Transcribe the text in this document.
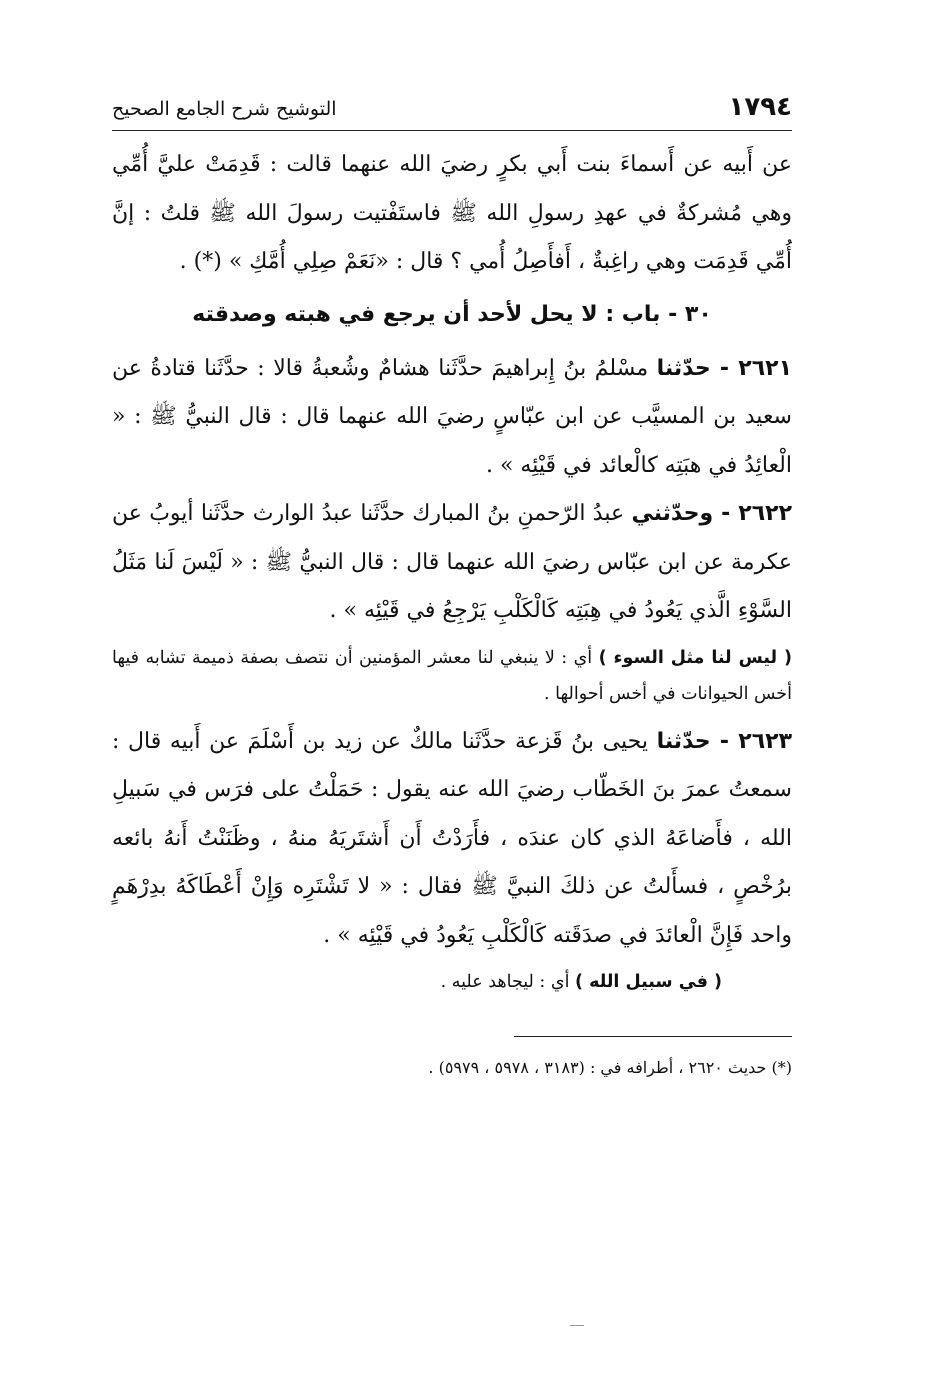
١٧٩٤
التوشيح شرح الجامع الصحيح

عن أَبيه عن أَسماءَ بنت أَبي بكرٍ رضيَ الله عنهما قالت : قَدِمَتْ عليَّ أُمِّي وهي مُشركةٌ في عهدِ رسولِ الله ﷺ فاستَفْتيت رسولَ الله ﷺ قلتُ : إنَّ أُمِّي قَدِمَت وهي راغِبةٌ ، أَفأَصِلُ أُمي ؟ قال : «نَعَمْ صِلِي أُمَّكِ » (*) .

٣٠ - باب : لا يحل لأحد أن يرجع في هبته وصدقته

٢٦٢١ - حدّثنا مسْلمُ بنُ إِبراهيمَ حدَّثَنا هشامٌ وشُعبةُ قالا : حدَّثَنا قتادةُ عن سعيد بن المسيَّب عن ابن عبّاسٍ رضيَ الله عنهما قال : قال النبيُّ ﷺ : « الْعائِدُ في هبَتِه كالْعائد في قَيْئِه » .

٢٦٢٢ - وحدّثني عبدُ الرّحمنِ بنُ المبارك حدَّثَنا عبدُ الوارث حدَّثَنا أيوبُ عن عكرمة عن ابن عبّاس رضيَ الله عنهما قال : قال النبيُّ ﷺ : « لَيْسَ لَنا مَثَلُ السَّوْءِ الَّذي يَعُودُ في هِبَتِه كَالْكَلْبِ يَرْجِعُ في قَيْئِه » .

( ليس لنا مثل السوء ) أي : لا ينبغي لنا معشر المؤمنين أن نتصف بصفة ذميمة تشابه فيها أخس الحيوانات في أخس أحوالها .

٢٦٢٣ - حدّثنا يحيى بنُ قَزعة حدَّثَنا مالكٌ عن زيد بن أَسْلَمَ عن أَبيه قال : سمعتُ عمرَ بنَ الخَطّاب رضيَ الله عنه يقول : حَمَلْتُ على فرَس في سَبيلِ الله ، فأَضاعَهُ الذي كان عندَه ، فأَرَدْتُ أَن أَشتَريَهُ منهُ ، وظَنَنْتُ أَنهُ بائعه برُخْصٍ ، فسأَلتُ عن ذلكَ النبيَّ ﷺ فقال : « لا تَشْتَرِه وَإِنْ أَعْطَاكَهُ بدِرْهَمٍ واحد فَإِنَّ الْعائدَ في صدَقَته كَالْكَلْبِ يَعُودُ في قَيْئِه » .

( في سبيل الله ) أي : ليجاهد عليه .

(*) حديث ٢٦٢٠ ، أطرافه في : (٣١٨٣ ، ٥٩٧٨ ، ٥٩٧٩) .
